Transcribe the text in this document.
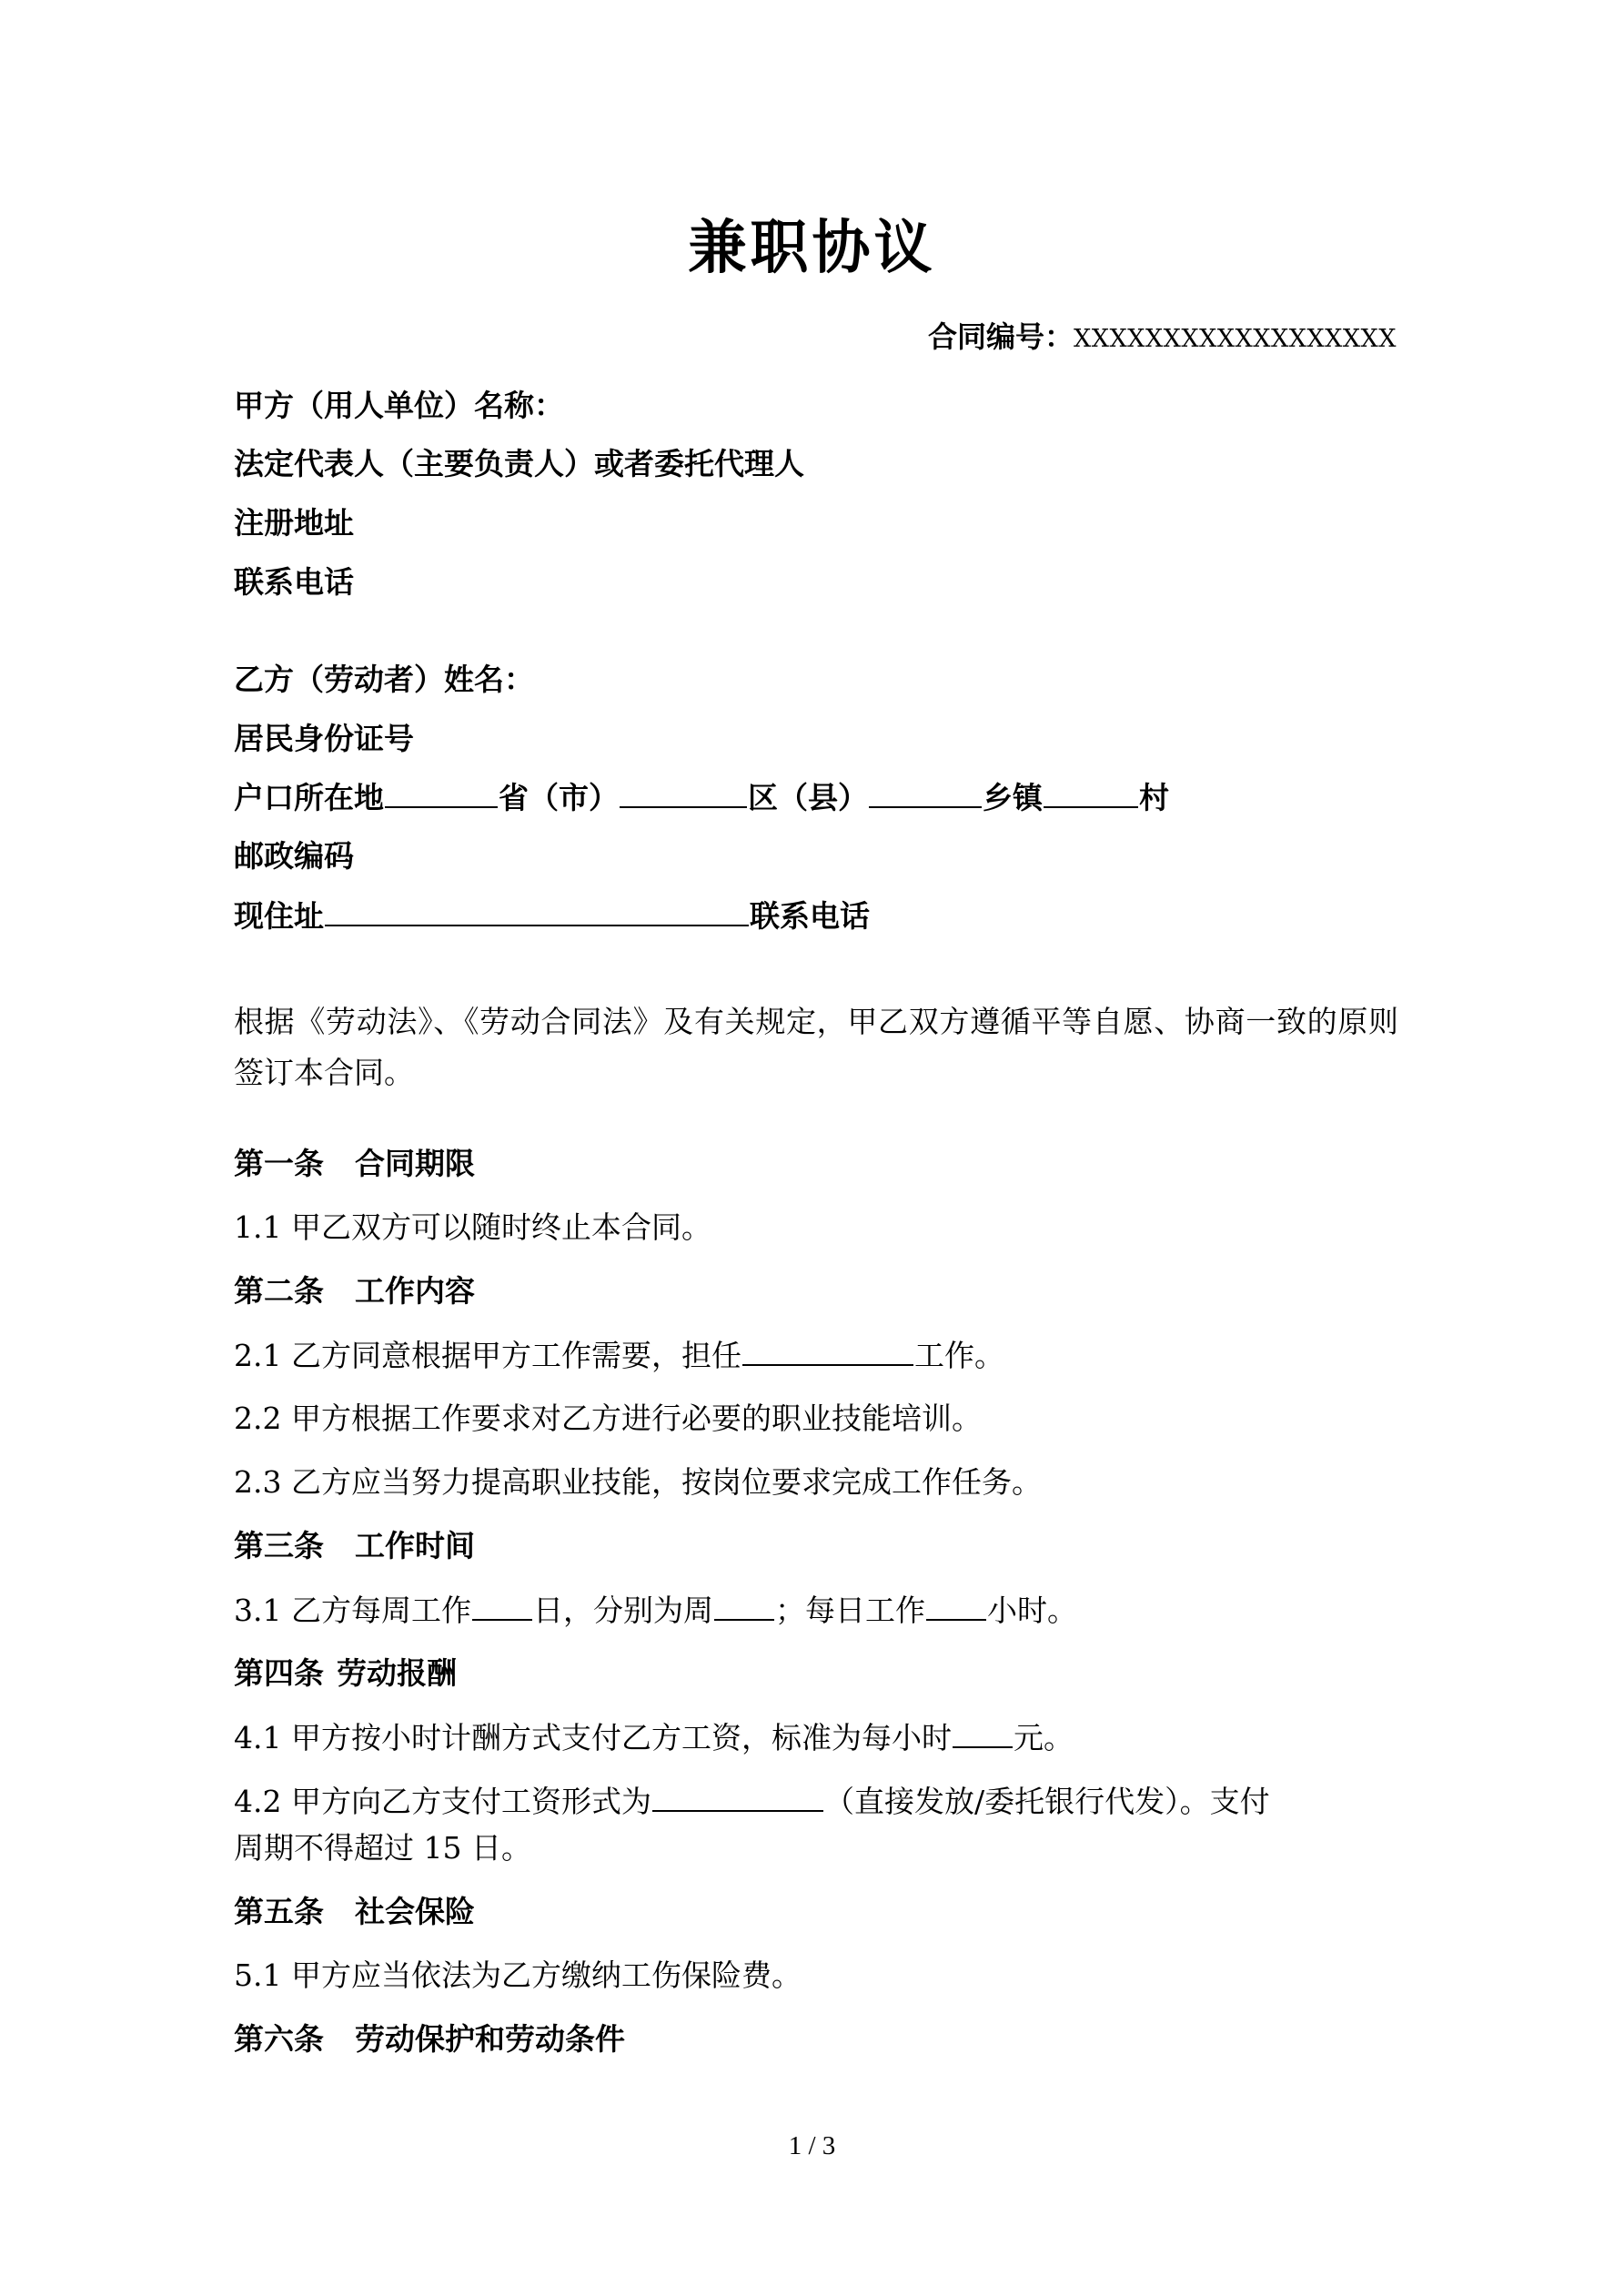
兼职协议
合同编号：XXXXXXXXXXXXXXXXXX
甲方（用人单位）名称：
法定代表人（主要负责人）或者委托代理人
注册地址
联系电话
乙方（劳动者）姓名：
居民身份证号
户口所在地	省（市）	区（县）	乡镇	村
邮政编码
现住址	联系电话
根据《劳动法》、《劳动合同法》及有关规定，甲乙双方遵循平等自愿、协商一致的原则签订本合同。
第一条 合同期限
1.1 甲乙双方可以随时终止本合同。
第二条 工作内容
2.1 乙方同意根据甲方工作需要，担任	工作。
2.2 甲方根据工作要求对乙方进行必要的职业技能培训。
2.3 乙方应当努力提高职业技能，按岗位要求完成工作任务。
第三条 工作时间
3.1 乙方每周工作 日，分别为周 ；每日工作 小时。
第四条 劳动报酬
4.1 甲方按小时计酬方式支付乙方工资，标准为每小时 元。
4.2 甲方向乙方支付工资形式为	（直接发放/委托银行代发）。支付
周期不得超过 15 日。
第五条 社会保险
5.1 甲方应当依法为乙方缴纳工伤保险费。
第六条 劳动保护和劳动条件
1 / 3
